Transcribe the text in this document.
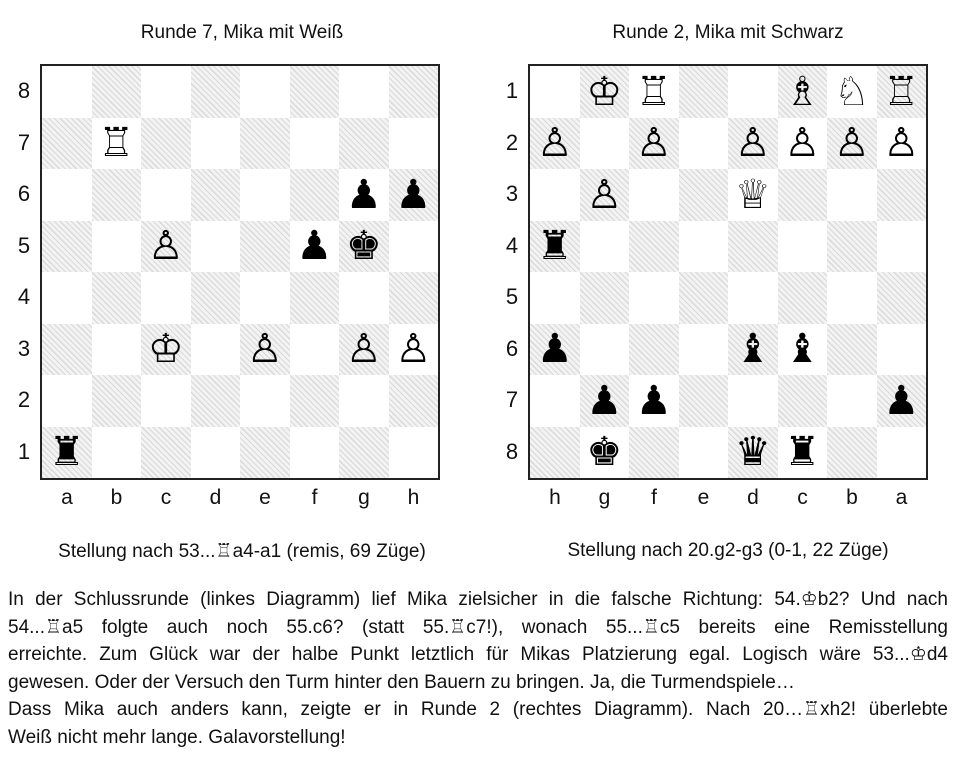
Runde 7, Mika mit Weiß	Runde 2, Mika mit Schwarz
♖
♟ ♟
♙	♟ ♚
♔ ♙ ♙ ♙
♜
♔ ♖	♗ ♘ ♖
♙ ♙ ♙ ♙ ♙ ♙
♙	♕
♜
♟	♝ ♝
♟ ♟	♟
♚	♛ ♜
8
7
6
5
4
3
2
1
a	b	c	d	e	f	g	h
1
2
3
4
5
6
7
8
h	g	f	e	d	c	b	a
Stellung nach 53...♖a4-a1 (remis, 69 Züge)	Stellung nach 20.g2-g3 (0-1, 22 Züge)
In der Schlussrunde (linkes Diagramm) lief Mika zielsicher in die falsche Richtung: 54.♔b2? Und nach
54...♖a5 folgte auch noch 55.c6? (statt 55.♖c7!), wonach 55...♖c5 bereits eine Remisstellung
erreichte. Zum Glück war der halbe Punkt letztlich für Mikas Platzierung egal. Logisch wäre 53...♔d4
gewesen. Oder der Versuch den Turm hinter den Bauern zu bringen. Ja, die Turmendspiele…
Dass Mika auch anders kann, zeigte er in Runde 2 (rechtes Diagramm). Nach 20…♖xh2! überlebte
Weiß nicht mehr lange. Galavorstellung!
